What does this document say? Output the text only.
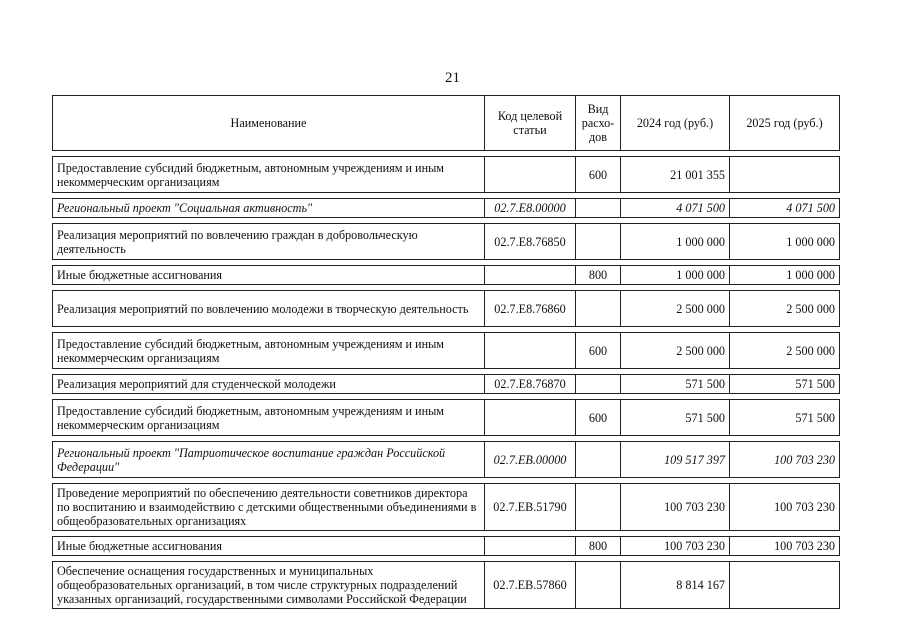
21
Наименование	Код целевой статьи	Вид расхо-дов	2024 год (руб.)	2025 год (руб.)

Предоставление субсидий бюджетным, автономным учреждениям и иным некоммерческим организациям		600	21 001 355	

Региональный проект "Социальная активность"	02.7.Е8.00000		4 071 500	4 071 500

Реализация мероприятий по вовлечению граждан в добровольческую деятельность	02.7.Е8.76850		1 000 000	1 000 000

Иные бюджетные ассигнования		800	1 000 000	1 000 000

Реализация мероприятий по вовлечению молодежи в творческую деятельность	02.7.Е8.76860		2 500 000	2 500 000

Предоставление субсидий бюджетным, автономным учреждениям и иным некоммерческим организациям		600	2 500 000	2 500 000

Реализация мероприятий для студенческой молодежи	02.7.Е8.76870		571 500	571 500

Предоставление субсидий бюджетным, автономным учреждениям и иным некоммерческим организациям		600	571 500	571 500

Региональный проект "Патриотическое воспитание граждан Российской Федерации"	02.7.ЕВ.00000		109 517 397	100 703 230

Проведение мероприятий по обеспечению деятельности советников директора по воспитанию и взаимодействию с детскими общественными объединениями в общеобразовательных организациях	02.7.ЕВ.51790		100 703 230	100 703 230

Иные бюджетные ассигнования		800	100 703 230	100 703 230

Обеспечение оснащения государственных и муниципальных общеобразовательных организаций, в том числе структурных подразделений указанных организаций, государственными символами Российской Федерации	02.7.ЕВ.57860		8 814 167	
